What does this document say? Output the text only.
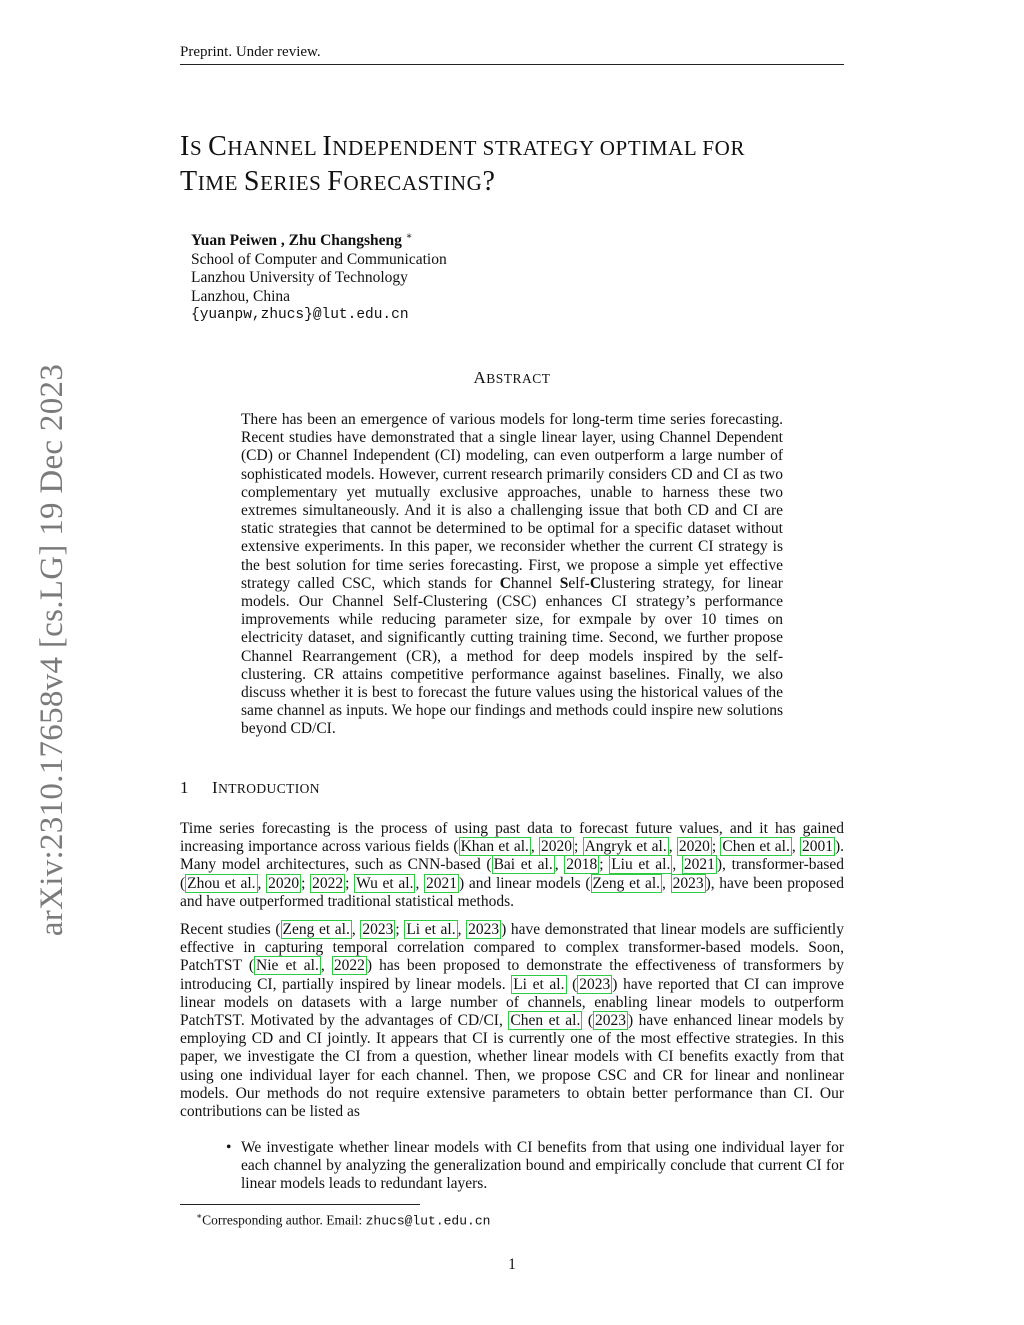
Preprint. Under review.
arXiv:2310.17658v4 [cs.LG] 19 Dec 2023
IS CHANNEL INDEPENDENT STRATEGY OPTIMAL FOR
TIME SERIES FORECASTING?
Yuan Peiwen , Zhu Changsheng ∗
School of Computer and Communication
Lanzhou University of Technology
Lanzhou, China
{yuanpw,zhucs}@lut.edu.cn
ABSTRACT

There has been an emergence of various models for long-term time series forecasting. Recent studies have demonstrated that a single linear layer, using Channel Dependent (CD) or Channel Independent (CI) modeling, can even outperform a large number of sophisticated models. However, current research primarily considers CD and CI as two complementary yet mutually exclusive approaches, unable to harness these two extremes simultaneously. And it is also a challenging issue that both CD and CI are static strategies that cannot be determined to be optimal for a specific dataset without extensive experiments. In this paper, we reconsider whether the current CI strategy is the best solution for time series forecasting. First, we propose a simple yet effective strategy called CSC, which stands for Channel Self-Clustering strategy, for linear models. Our Channel Self-Clustering (CSC) enhances CI strategy’s performance improvements while reducing parameter size, for exmpale by over 10 times on electricity dataset, and significantly cutting training time. Second, we further propose Channel Rearrangement (CR), a method for deep models inspired by the self-clustering. CR attains competitive performance against baselines. Finally, we also discuss whether it is best to forecast the future values using the historical values of the same channel as inputs. We hope our findings and methods could inspire new solutions beyond CD/CI.

1 INTRODUCTION

Time series forecasting is the process of using past data to forecast future values, and it has gained increasing importance across various fields ( Khan et al. , 2020 ; Angryk et al. , 2020 ; Chen et al. , 2001 ). Many model architectures, such as CNN-based ( Bai et al. , 2018 ; Liu et al. , 2021 ), transformer-based ( Zhou et al. , 2020 ; 2022 ; Wu et al. , 2021 ) and linear models ( Zeng et al. , 2023 ), have been proposed and have outperformed traditional statistical methods.

Recent studies ( Zeng et al. , 2023 ; Li et al. , 2023 ) have demonstrated that linear models are sufficiently effective in capturing temporal correlation compared to complex transformer-based models. Soon, PatchTST ( Nie et al. , 2022 ) has been proposed to demonstrate the effectiveness of transformers by introducing CI, partially inspired by linear models. Li et al. ( 2023 ) have reported that CI can improve linear models on datasets with a large number of channels, enabling linear models to outperform PatchTST. Motivated by the advantages of CD/CI, Chen et al. ( 2023 ) have enhanced linear models by employing CD and CI jointly. It appears that CI is currently one of the most effective strategies. In this paper, we investigate the CI from a question, whether linear models with CI benefits exactly from that using one individual layer for each channel. Then, we propose CSC and CR for linear and nonlinear models. Our methods do not require extensive parameters to obtain better performance than CI. Our contributions can be listed as

• We investigate whether linear models with CI benefits from that using one individual layer for each channel by analyzing the generalization bound and empirically conclude that current CI for linear models leads to redundant layers.
∗Corresponding author. Email: zhucs@lut.edu.cn
1
